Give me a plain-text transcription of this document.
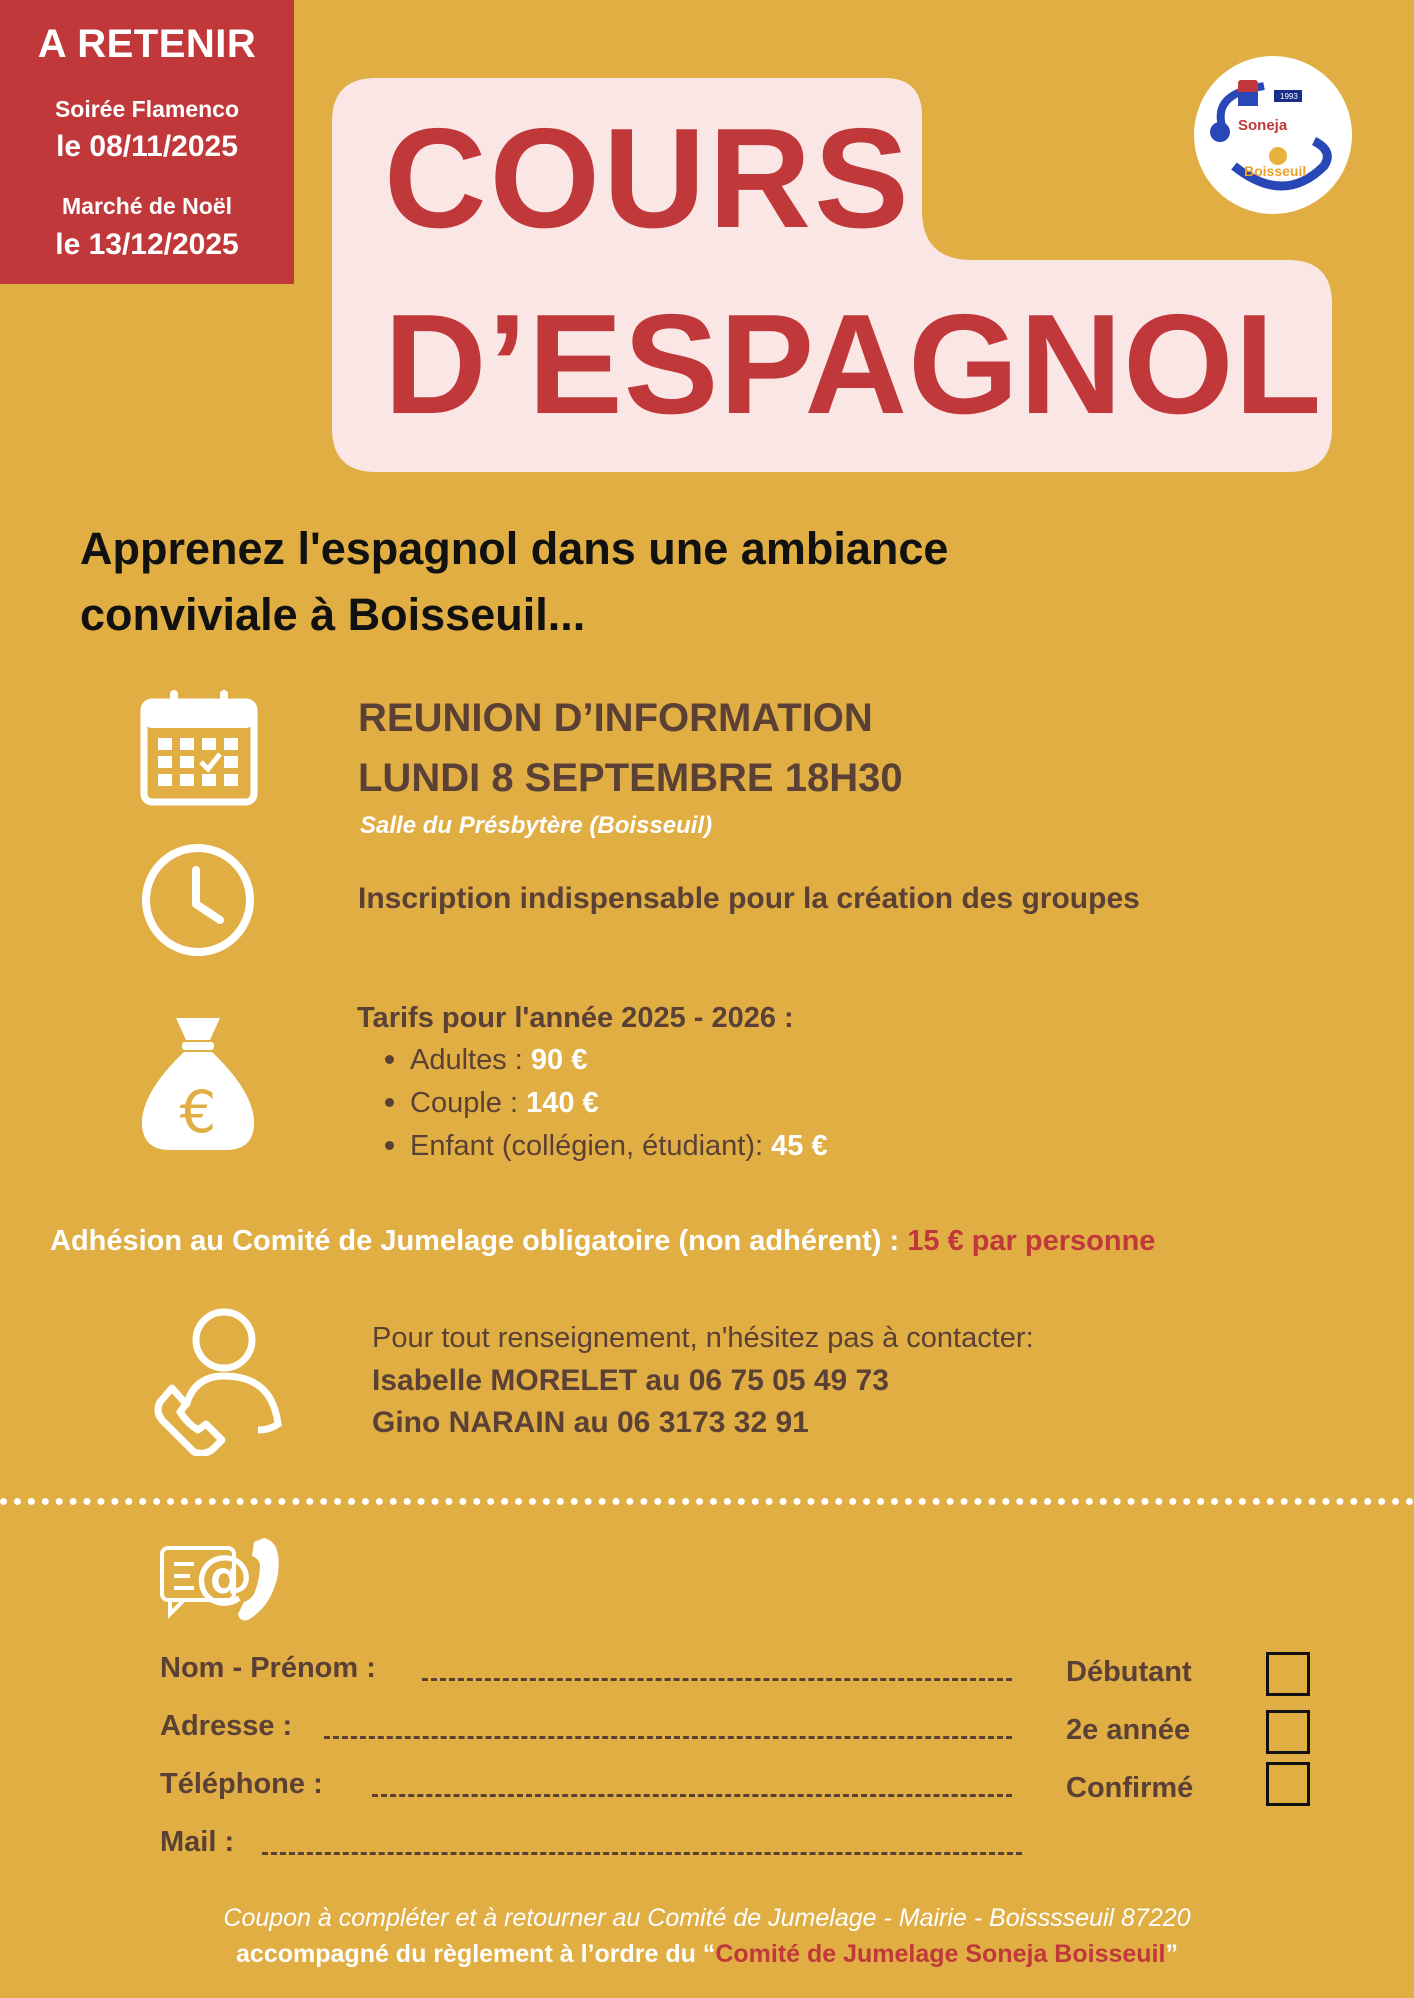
A RETENIR
Soirée Flamenco
le 08/11/2025
Marché de Noël
le 13/12/2025	COURS
D’ESPAGNOL
1993
Soneja
Boisseuil
Apprenez l'espagnol dans une ambiance
conviviale à Boisseuil...
REUNION D’INFORMATION
LUNDI 8 SEPTEMBRE 18H30
Salle du Présbytère (Boisseuil)
Inscription indispensable pour la création des groupes
€
Tarifs pour l'année 2025 - 2026 :
Adultes : 90 €
Couple : 140 €
Enfant (collégien, étudiant): 45 €
Adhésion au Comité de Jumelage obligatoire (non adhérent) : 15 € par personne
Pour tout renseignement, n'hésitez pas à contacter:
Isabelle MORELET au 06 75 05 49 73
Gino NARAIN au 06 3173 32 91
@
Nom - Prénom :
Adresse :
Téléphone :
Mail :
Débutant
2e année
Confirmé
Coupon à compléter et à retourner au Comité de Jumelage - Mairie - Boisssseuil 87220
accompagné du règlement à l’ordre du “Comité de Jumelage Soneja Boisseuil”
